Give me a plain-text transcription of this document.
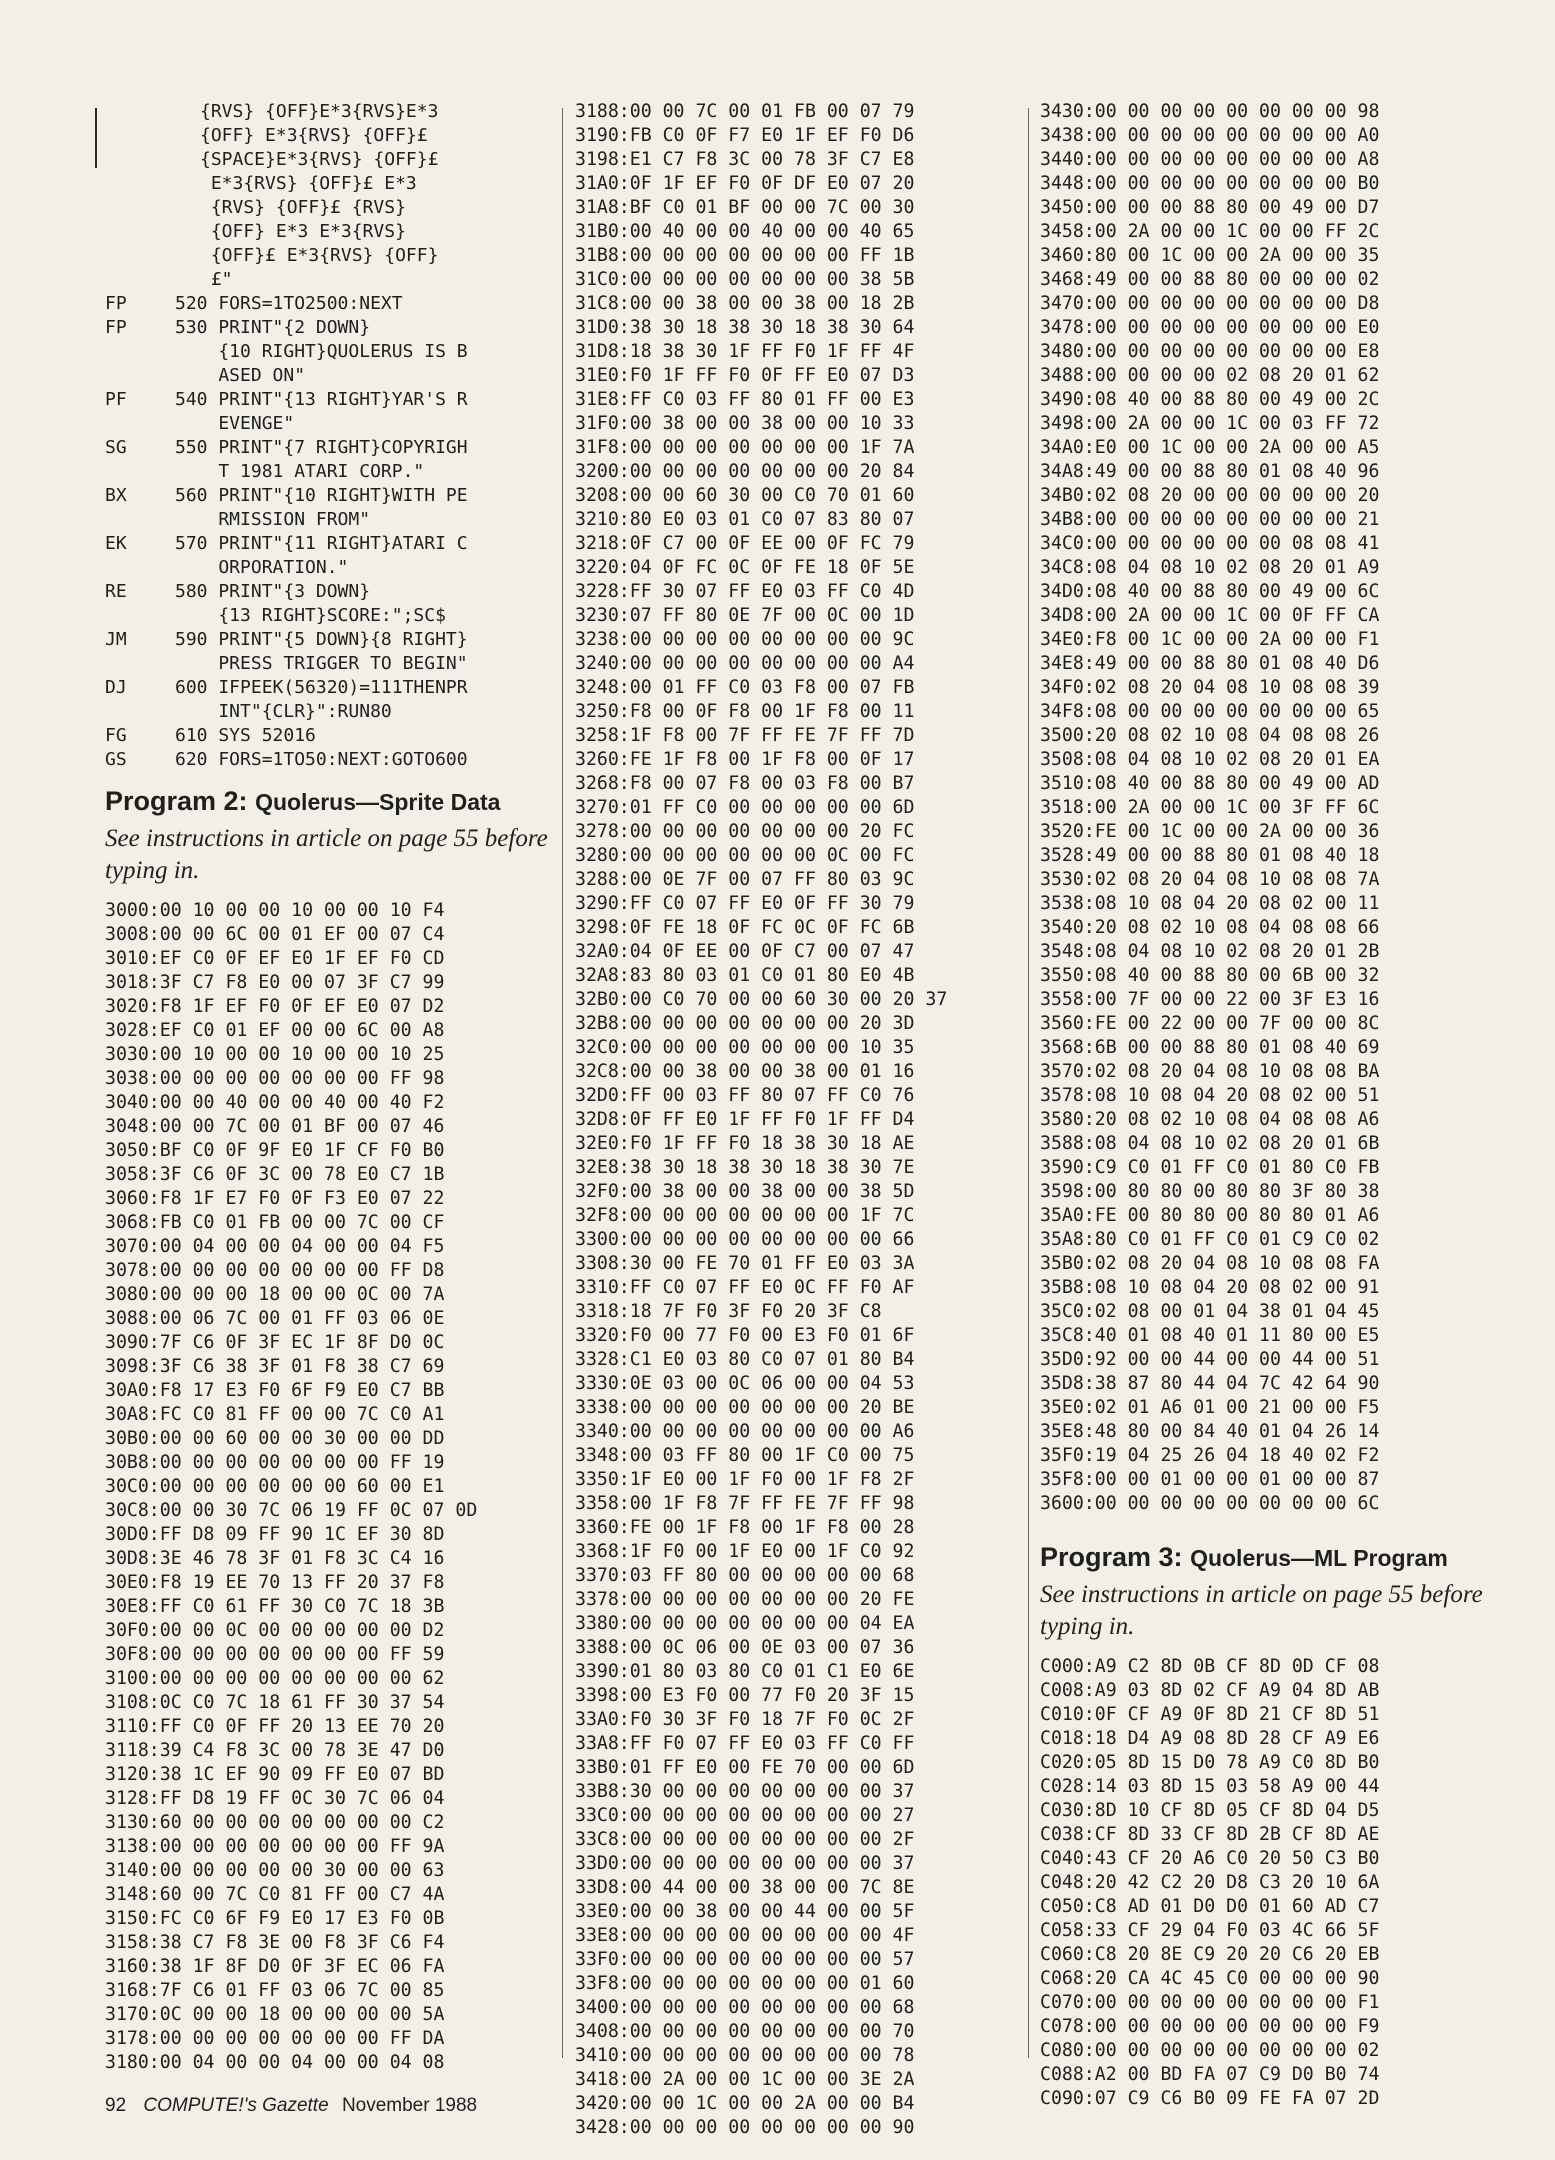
{RVS} {OFF}E*3{RVS}E*3
{OFF} E*3{RVS} {OFF}£
{SPACE}E*3{RVS} {OFF}£
E*3{RVS} {OFF}£ E*3
{RVS} {OFF}£ {RVS}
{OFF} E*3 E*3{RVS}
{OFF}£ E*3{RVS} {OFF}
£"
FP	520 FORS=1TO2500:NEXT
FP	530 PRINT"{2 DOWN}
{10 RIGHT}QUOLERUS IS B
ASED ON"
PF	540 PRINT"{13 RIGHT}YAR'S R
EVENGE"
SG	550 PRINT"{7 RIGHT}COPYRIGH
T 1981 ATARI CORP."
BX	560 PRINT"{10 RIGHT}WITH PE
RMISSION FROM"
EK	570 PRINT"{11 RIGHT}ATARI C
ORPORATION."
RE	580 PRINT"{3 DOWN}
{13 RIGHT}SCORE:";SC$
JM	590 PRINT"{5 DOWN}{8 RIGHT}
PRESS TRIGGER TO BEGIN"
DJ	600 IFPEEK(56320)=111THENPR
INT"{CLR}":RUN80
FG	610 SYS 52016
GS	620 FORS=1TO50:NEXT:GOTO600
Program 2: Quolerus—Sprite Data
See instructions in article on page 55 before typing in.
3000:00 10 00 00 10 00 00 10 F4
3008:00 00 6C 00 01 EF 00 07 C4
3010:EF C0 0F EF E0 1F EF F0 CD
3018:3F C7 F8 E0 00 07 3F C7 99
3020:F8 1F EF F0 0F EF E0 07 D2
3028:EF C0 01 EF 00 00 6C 00 A8
3030:00 10 00 00 10 00 00 10 25
3038:00 00 00 00 00 00 00 FF 98
3040:00 00 40 00 00 40 00 40 F2
3048:00 00 7C 00 01 BF 00 07 46
3050:BF C0 0F 9F E0 1F CF F0 B0
3058:3F C6 0F 3C 00 78 E0 C7 1B
3060:F8 1F E7 F0 0F F3 E0 07 22
3068:FB C0 01 FB 00 00 7C 00 CF
3070:00 04 00 00 04 00 00 04 F5
3078:00 00 00 00 00 00 00 FF D8
3080:00 00 00 18 00 00 0C 00 7A
3088:00 06 7C 00 01 FF 03 06 0E
3090:7F C6 0F 3F EC 1F 8F D0 0C
3098:3F C6 38 3F 01 F8 38 C7 69
30A0:F8 17 E3 F0 6F F9 E0 C7 BB
30A8:FC C0 81 FF 00 00 7C C0 A1
30B0:00 00 60 00 00 30 00 00 DD
30B8:00 00 00 00 00 00 00 FF 19
30C0:00 00 00 00 00 00 60 00 E1
30C8:00 00 30 7C 06 19 FF 0C 07 0D
30D0:FF D8 09 FF 90 1C EF 30 8D
30D8:3E 46 78 3F 01 F8 3C C4 16
30E0:F8 19 EE 70 13 FF 20 37 F8
30E8:FF C0 61 FF 30 C0 7C 18 3B
30F0:00 00 0C 00 00 00 00 00 D2
30F8:00 00 00 00 00 00 00 FF 59
3100:00 00 00 00 00 00 00 00 62
3108:0C C0 7C 18 61 FF 30 37 54
3110:FF C0 0F FF 20 13 EE 70 20
3118:39 C4 F8 3C 00 78 3E 47 D0
3120:38 1C EF 90 09 FF E0 07 BD
3128:FF D8 19 FF 0C 30 7C 06 04
3130:60 00 00 00 00 00 00 00 C2
3138:00 00 00 00 00 00 00 FF 9A
3140:00 00 00 00 00 30 00 00 63
3148:60 00 7C C0 81 FF 00 C7 4A
3150:FC C0 6F F9 E0 17 E3 F0 0B
3158:38 C7 F8 3E 00 F8 3F C6 F4
3160:38 1F 8F D0 0F 3F EC 06 FA
3168:7F C6 01 FF 03 06 7C 00 85
3170:0C 00 00 18 00 00 00 00 5A
3178:00 00 00 00 00 00 00 FF DA
3180:00 04 00 00 04 00 00 04 08
3188:00 00 7C 00 01 FB 00 07 79
3190:FB C0 0F F7 E0 1F EF F0 D6
3198:E1 C7 F8 3C 00 78 3F C7 E8
31A0:0F 1F EF F0 0F DF E0 07 20
31A8:BF C0 01 BF 00 00 7C 00 30
31B0:00 40 00 00 40 00 00 40 65
31B8:00 00 00 00 00 00 00 FF 1B
31C0:00 00 00 00 00 00 00 38 5B
31C8:00 00 38 00 00 38 00 18 2B
31D0:38 30 18 38 30 18 38 30 64
31D8:18 38 30 1F FF F0 1F FF 4F
31E0:F0 1F FF F0 0F FF E0 07 D3
31E8:FF C0 03 FF 80 01 FF 00 E3
31F0:00 38 00 00 38 00 00 10 33
31F8:00 00 00 00 00 00 00 1F 7A
3200:00 00 00 00 00 00 00 20 84
3208:00 00 60 30 00 C0 70 01 60
3210:80 E0 03 01 C0 07 83 80 07
3218:0F C7 00 0F EE 00 0F FC 79
3220:04 0F FC 0C 0F FE 18 0F 5E
3228:FF 30 07 FF E0 03 FF C0 4D
3230:07 FF 80 0E 7F 00 0C 00 1D
3238:00 00 00 00 00 00 00 00 9C
3240:00 00 00 00 00 00 00 00 A4
3248:00 01 FF C0 03 F8 00 07 FB
3250:F8 00 0F F8 00 1F F8 00 11
3258:1F F8 00 7F FF FE 7F FF 7D
3260:FE 1F F8 00 1F F8 00 0F 17
3268:F8 00 07 F8 00 03 F8 00 B7
3270:01 FF C0 00 00 00 00 00 6D
3278:00 00 00 00 00 00 00 20 FC
3280:00 00 00 00 00 00 0C 00 FC
3288:00 0E 7F 00 07 FF 80 03 9C
3290:FF C0 07 FF E0 0F FF 30 79
3298:0F FE 18 0F FC 0C 0F FC 6B
32A0:04 0F EE 00 0F C7 00 07 47
32A8:83 80 03 01 C0 01 80 E0 4B
32B0:00 C0 70 00 00 60 30 00 20 37
32B8:00 00 00 00 00 00 00 20 3D
32C0:00 00 00 00 00 00 00 10 35
32C8:00 00 38 00 00 38 00 01 16
32D0:FF 00 03 FF 80 07 FF C0 76
32D8:0F FF E0 1F FF F0 1F FF D4
32E0:F0 1F FF F0 18 38 30 18 AE
32E8:38 30 18 38 30 18 38 30 7E
32F0:00 38 00 00 38 00 00 38 5D
32F8:00 00 00 00 00 00 00 1F 7C
3300:00 00 00 00 00 00 00 00 66
3308:30 00 FE 70 01 FF E0 03 3A
3310:FF C0 07 FF E0 0C FF F0 AF
3318:18 7F F0 3F F0 20 3F C8
3320:F0 00 77 F0 00 E3 F0 01 6F
3328:C1 E0 03 80 C0 07 01 80 B4
3330:0E 03 00 0C 06 00 00 04 53
3338:00 00 00 00 00 00 00 20 BE
3340:00 00 00 00 00 00 00 00 A6
3348:00 03 FF 80 00 1F C0 00 75
3350:1F E0 00 1F F0 00 1F F8 2F
3358:00 1F F8 7F FF FE 7F FF 98
3360:FE 00 1F F8 00 1F F8 00 28
3368:1F F0 00 1F E0 00 1F C0 92
3370:03 FF 80 00 00 00 00 00 68
3378:00 00 00 00 00 00 00 20 FE
3380:00 00 00 00 00 00 00 04 EA
3388:00 0C 06 00 0E 03 00 07 36
3390:01 80 03 80 C0 01 C1 E0 6E
3398:00 E3 F0 00 77 F0 20 3F 15
33A0:F0 30 3F F0 18 7F F0 0C 2F
33A8:FF F0 07 FF E0 03 FF C0 FF
33B0:01 FF E0 00 FE 70 00 00 6D
33B8:30 00 00 00 00 00 00 00 37
33C0:00 00 00 00 00 00 00 00 27
33C8:00 00 00 00 00 00 00 00 2F
33D0:00 00 00 00 00 00 00 00 37
33D8:00 44 00 00 38 00 00 7C 8E
33E0:00 00 38 00 00 44 00 00 5F
33E8:00 00 00 00 00 00 00 00 4F
33F0:00 00 00 00 00 00 00 00 57
33F8:00 00 00 00 00 00 00 01 60
3400:00 00 00 00 00 00 00 00 68
3408:00 00 00 00 00 00 00 00 70
3410:00 00 00 00 00 00 00 00 78
3418:00 2A 00 00 1C 00 00 3E 2A
3420:00 00 1C 00 00 2A 00 00 B4
3428:00 00 00 00 00 00 00 00 90
3430:00 00 00 00 00 00 00 00 98
3438:00 00 00 00 00 00 00 00 A0
3440:00 00 00 00 00 00 00 00 A8
3448:00 00 00 00 00 00 00 00 B0
3450:00 00 00 88 80 00 49 00 D7
3458:00 2A 00 00 1C 00 00 FF 2C
3460:80 00 1C 00 00 2A 00 00 35
3468:49 00 00 88 80 00 00 00 02
3470:00 00 00 00 00 00 00 00 D8
3478:00 00 00 00 00 00 00 00 E0
3480:00 00 00 00 00 00 00 00 E8
3488:00 00 00 00 02 08 20 01 62
3490:08 40 00 88 80 00 49 00 2C
3498:00 2A 00 00 1C 00 03 FF 72
34A0:E0 00 1C 00 00 2A 00 00 A5
34A8:49 00 00 88 80 01 08 40 96
34B0:02 08 20 00 00 00 00 00 20
34B8:00 00 00 00 00 00 00 00 21
34C0:00 00 00 00 00 00 08 08 41
34C8:08 04 08 10 02 08 20 01 A9
34D0:08 40 00 88 80 00 49 00 6C
34D8:00 2A 00 00 1C 00 0F FF CA
34E0:F8 00 1C 00 00 2A 00 00 F1
34E8:49 00 00 88 80 01 08 40 D6
34F0:02 08 20 04 08 10 08 08 39
34F8:08 00 00 00 00 00 00 00 65
3500:20 08 02 10 08 04 08 08 26
3508:08 04 08 10 02 08 20 01 EA
3510:08 40 00 88 80 00 49 00 AD
3518:00 2A 00 00 1C 00 3F FF 6C
3520:FE 00 1C 00 00 2A 00 00 36
3528:49 00 00 88 80 01 08 40 18
3530:02 08 20 04 08 10 08 08 7A
3538:08 10 08 04 20 08 02 00 11
3540:20 08 02 10 08 04 08 08 66
3548:08 04 08 10 02 08 20 01 2B
3550:08 40 00 88 80 00 6B 00 32
3558:00 7F 00 00 22 00 3F E3 16
3560:FE 00 22 00 00 7F 00 00 8C
3568:6B 00 00 88 80 01 08 40 69
3570:02 08 20 04 08 10 08 08 BA
3578:08 10 08 04 20 08 02 00 51
3580:20 08 02 10 08 04 08 08 A6
3588:08 04 08 10 02 08 20 01 6B
3590:C9 C0 01 FF C0 01 80 C0 FB
3598:00 80 80 00 80 80 3F 80 38
35A0:FE 00 80 80 00 80 80 01 A6
35A8:80 C0 01 FF C0 01 C9 C0 02
35B0:02 08 20 04 08 10 08 08 FA
35B8:08 10 08 04 20 08 02 00 91
35C0:02 08 00 01 04 38 01 04 45
35C8:40 01 08 40 01 11 80 00 E5
35D0:92 00 00 44 00 00 44 00 51
35D8:38 87 80 44 04 7C 42 64 90
35E0:02 01 A6 01 00 21 00 00 F5
35E8:48 80 00 84 40 01 04 26 14
35F0:19 04 25 26 04 18 40 02 F2
35F8:00 00 01 00 00 01 00 00 87
3600:00 00 00 00 00 00 00 00 6C
Program 3: Quolerus—ML Program
See instructions in article on page 55 before typing in.
C000:A9 C2 8D 0B CF 8D 0D CF 08
C008:A9 03 8D 02 CF A9 04 8D AB
C010:0F CF A9 0F 8D 21 CF 8D 51
C018:18 D4 A9 08 8D 28 CF A9 E6
C020:05 8D 15 D0 78 A9 C0 8D B0
C028:14 03 8D 15 03 58 A9 00 44
C030:8D 10 CF 8D 05 CF 8D 04 D5
C038:CF 8D 33 CF 8D 2B CF 8D AE
C040:43 CF 20 A6 C0 20 50 C3 B0
C048:20 42 C2 20 D8 C3 20 10 6A
C050:C8 AD 01 D0 D0 01 60 AD C7
C058:33 CF 29 04 F0 03 4C 66 5F
C060:C8 20 8E C9 20 20 C6 20 EB
C068:20 CA 4C 45 C0 00 00 00 90
C070:00 00 00 00 00 00 00 00 F1
C078:00 00 00 00 00 00 00 00 F9
C080:00 00 00 00 00 00 00 00 02
C088:A2 00 BD FA 07 C9 D0 B0 74
C090:07 C9 C6 B0 09 FE FA 07 2D
92 COMPUTE!'s Gazette November 1988
